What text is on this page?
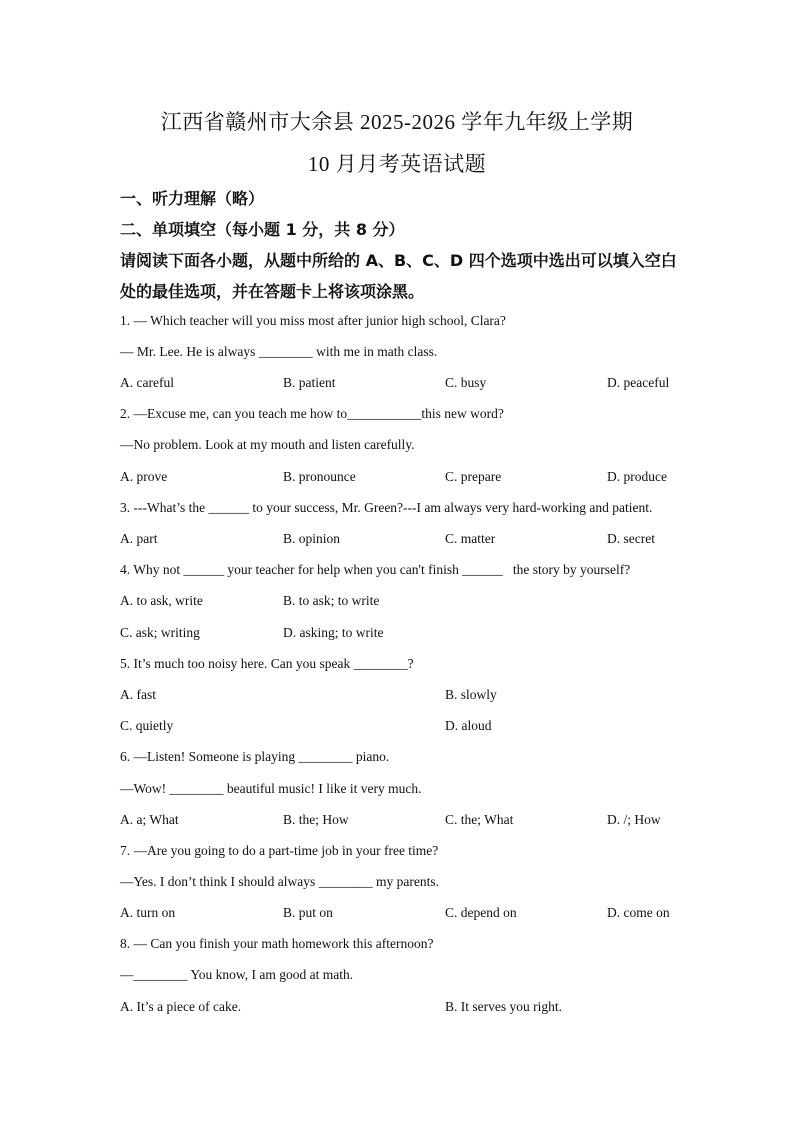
江西省赣州市大余县 2025-2026 学年九年级上学期
10 月月考英语试题
一、听力理解（略）
二、单项填空（每小题 1 分，共 8 分）
请阅读下面各小题，从题中所给的 A、B、C、D 四个选项中选出可以填入空白
处的最佳选项，并在答题卡上将该项涂黑。
1. — Which teacher will you miss most after junior high school, Clara?
— Mr. Lee. He is always ________ with me in math class.
A. careful	B. patient	C. busy	D. peaceful
2. —Excuse me, can you teach me how to___________this new word?
—No problem. Look at my mouth and listen carefully.
A. prove	B. pronounce	C. prepare	D. produce
3. ---What’s the ______ to your success, Mr. Green?---I am always very hard-working and patient.
A. part	B. opinion	C. matter	D. secret
4. Why not ______ your teacher for help when you can't finish ______   the story by yourself?
A. to ask, write	B. to ask; to write
C. ask; writing	D. asking; to write
5. It’s much too noisy here. Can you speak ________?
A. fast	B. slowly
C. quietly	D. aloud
6. —Listen! Someone is playing ________ piano.
—Wow! ________ beautiful music! I like it very much.
A. a; What	B. the; How	C. the; What	D. /; How
7. —Are you going to do a part-time job in your free time?
—Yes. I don’t think I should always ________ my parents.
A. turn on	B. put on	C. depend on	D. come on
8. — Can you finish your math homework this afternoon?
—________ You know, I am good at math.
A. It’s a piece of cake.	B. It serves you right.
